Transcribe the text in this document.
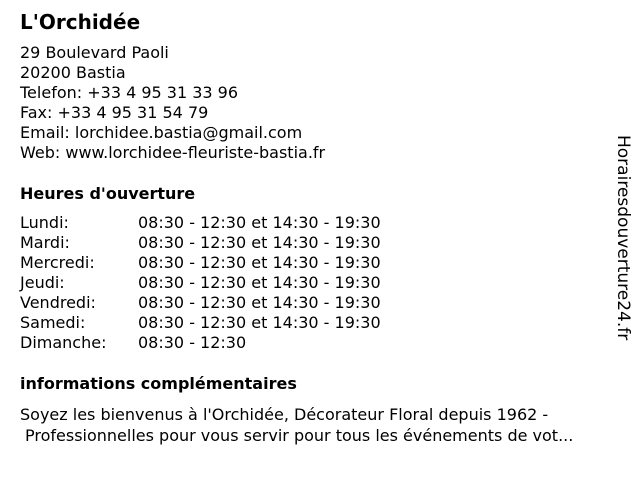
L'Orchidée
29 Boulevard Paoli
20200 Bastia
Telefon: +33 4 95 31 33 96
Fax: +33 4 95 31 54 79
Email: lorchidee.bastia@gmail.com
Web: www.lorchidee-fleuriste-bastia.fr
Heures d'ouverture
Lundi:	08:30 - 12:30 et 14:30 - 19:30
Mardi:	08:30 - 12:30 et 14:30 - 19:30
Mercredi:	08:30 - 12:30 et 14:30 - 19:30
Jeudi:	08:30 - 12:30 et 14:30 - 19:30
Vendredi:	08:30 - 12:30 et 14:30 - 19:30
Samedi:	08:30 - 12:30 et 14:30 - 19:30
Dimanche:	08:30 - 12:30
informations complémentaires
Soyez les bienvenus à l'Orchidée, Décorateur Floral depuis 1962 -
Professionnelles pour vous servir pour tous les événements de vot...
Horairesdouverture24.fr
